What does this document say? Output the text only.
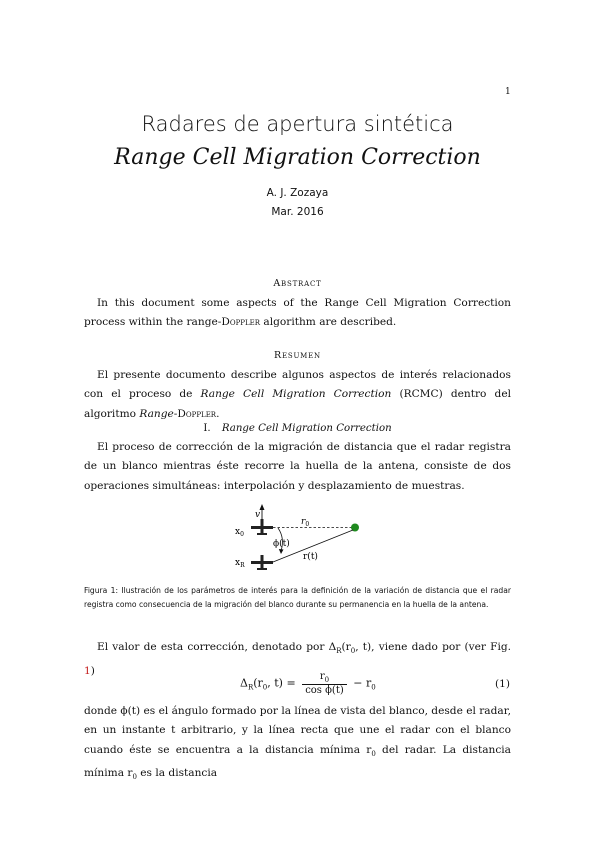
1
Radares de apertura sintética
Range Cell Migration Correction
A. J. Zozaya
Mar. 2016
Abstract
In this document some aspects of the Range Cell Migration Correction process within the range-Doppler algorithm are described.
Resumen
El presente documento describe algunos aspectos de interés relacionados con el proceso de Range Cell Migration Correction (RCMC) dentro del algoritmo Range-Doppler.
I. Range Cell Migration Correction
El proceso de corrección de la migración de distancia que el radar registra de un blanco mientras éste recorre la huella de la antena, consiste de dos operaciones simultáneas: interpolación y desplazamiento de muestras.
v
$x_0$
$x_R$
$r_0$
ϕ(t)
r(t)
Figura 1: Ilustración de los parámetros de interés para la definición de la variación de distancia que el radar registra como consecuencia de la migración del blanco durante su permanencia en la huella de la antena.
El valor de esta corrección, denotado por $\Delta_R(r_0$, t), viene dado por (ver Fig. 1)
$\Delta_R(r_0$, $t) = \frac{r_0}{\text{cos ϕ(t)}} - r_0$	(1)
donde ϕ(t) es el ángulo formado por la línea de vista del blanco, desde el radar, en un instante t arbitrario, y la línea recta que une el radar con el blanco cuando éste se encuentra a la distancia mínima $r_0$ del radar. La distancia mínima $r_0$ es la distancia
